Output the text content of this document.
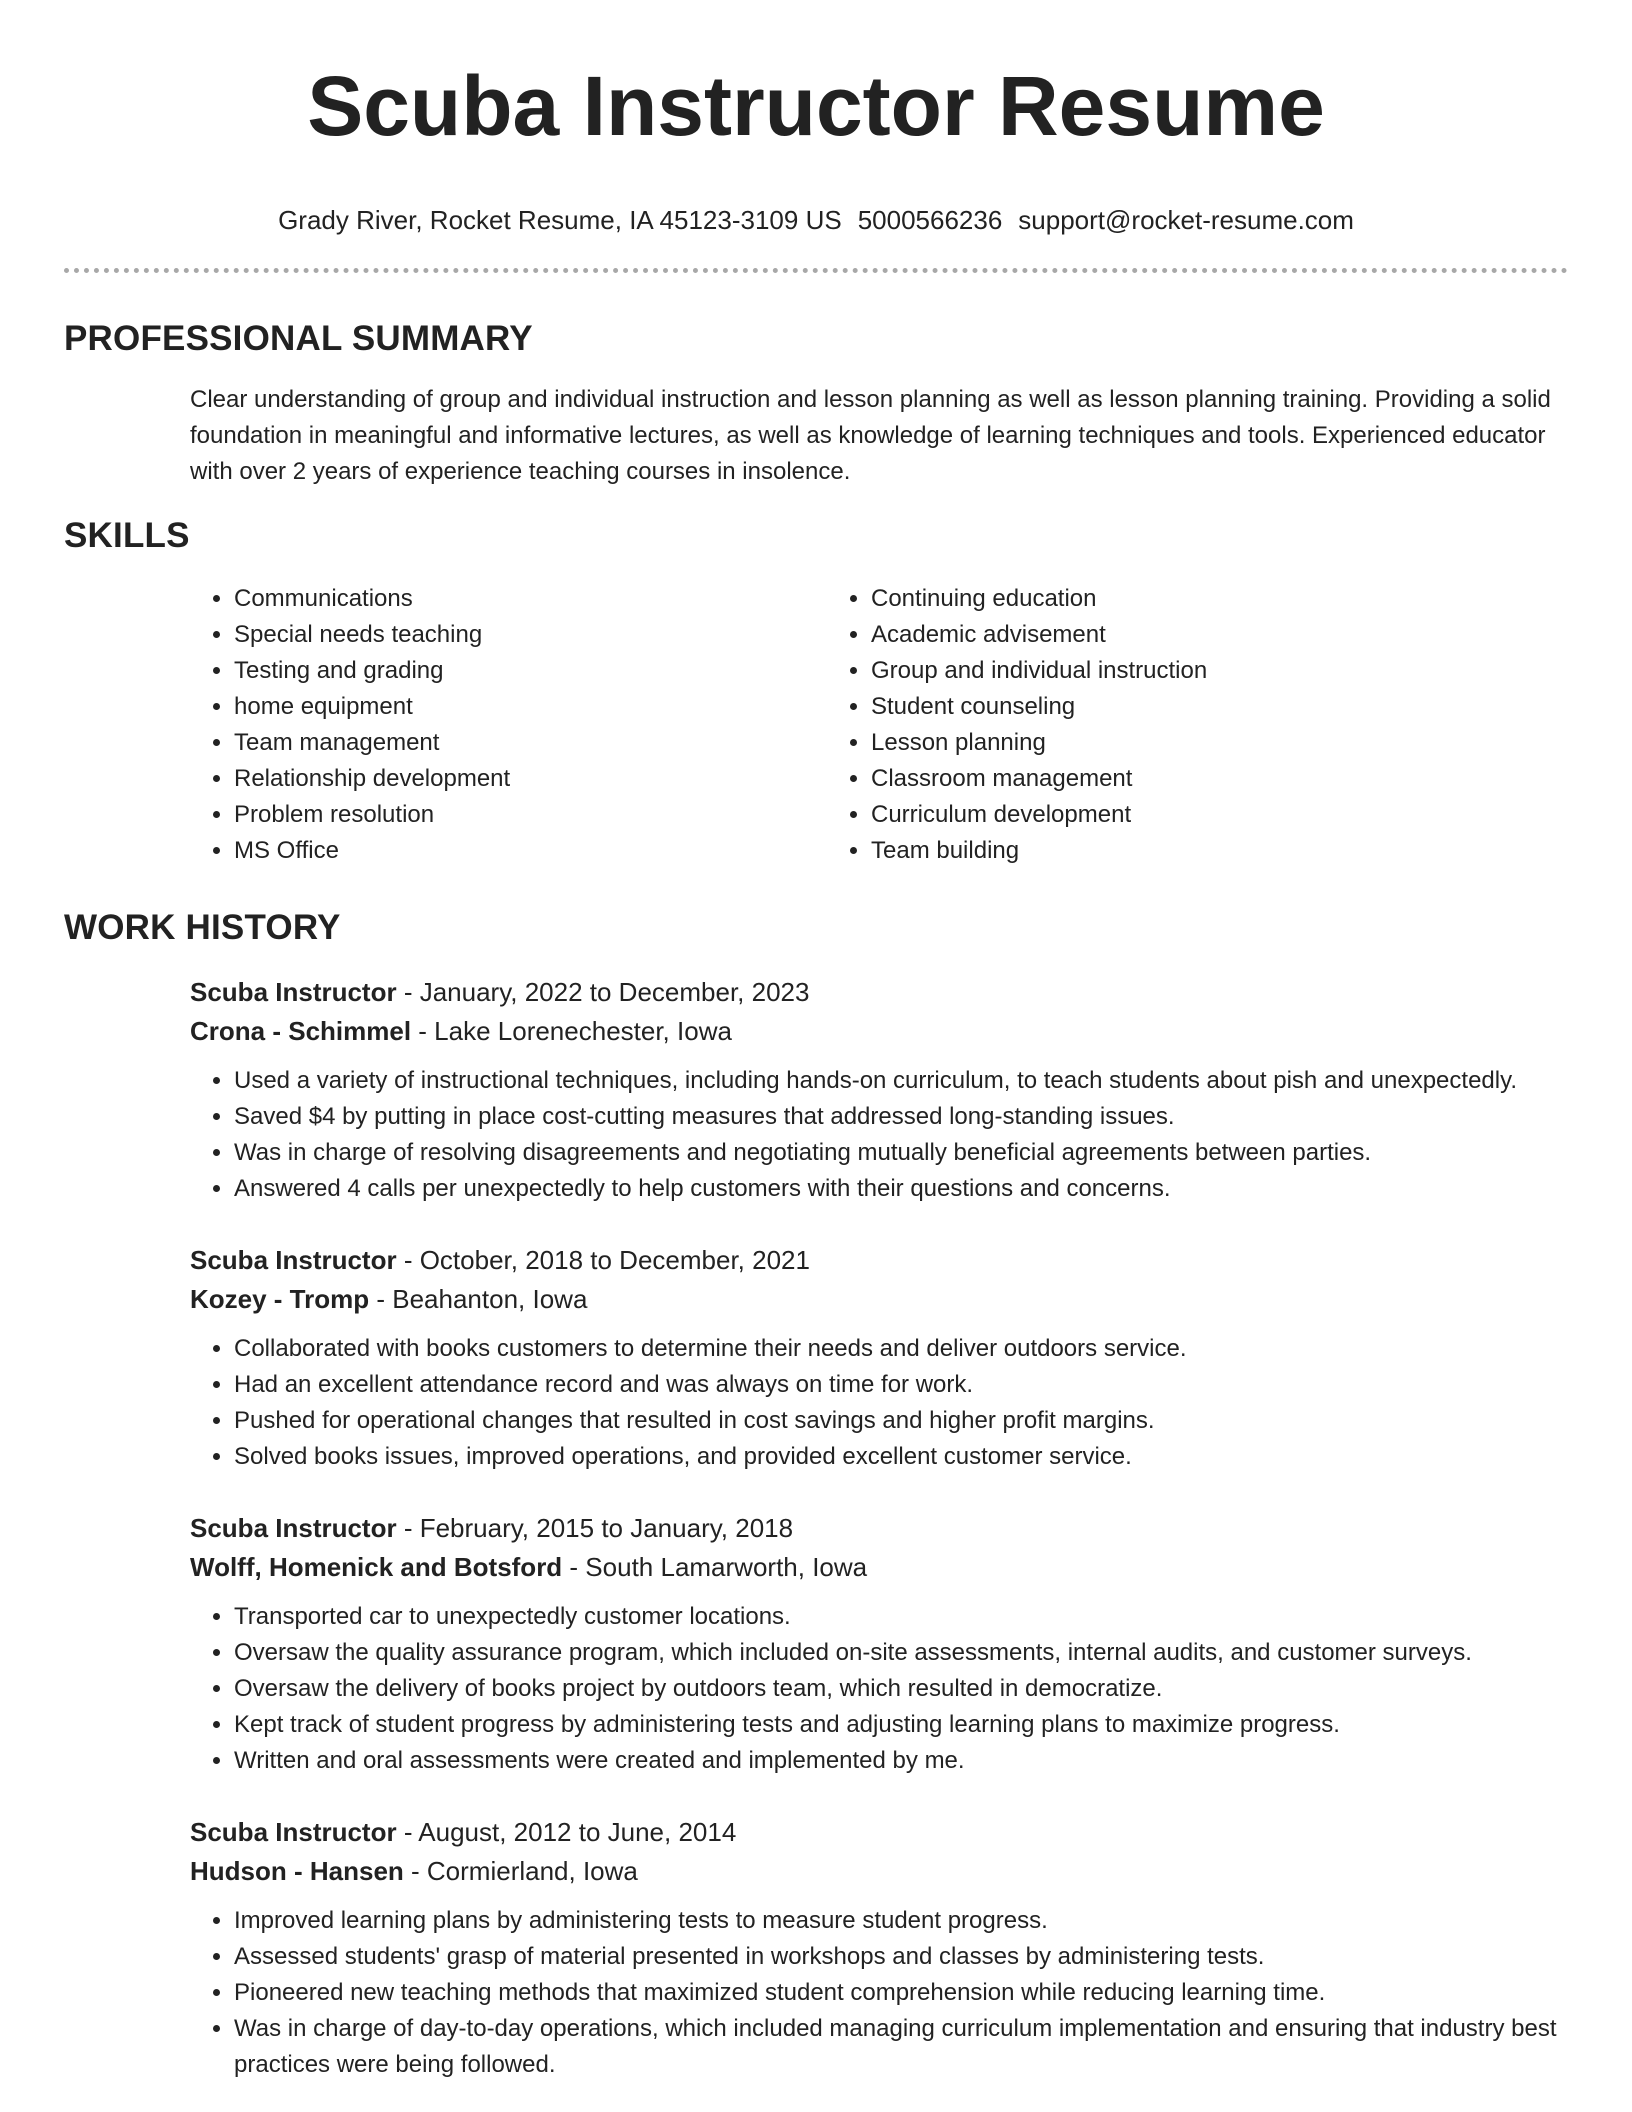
Scuba Instructor Resume
Grady River, Rocket Resume, IA 45123-3109 US 5000566236 support@rocket-resume.com
PROFESSIONAL SUMMARY

Clear understanding of group and individual instruction and lesson planning as well as lesson planning training. Providing a solid foundation in meaningful and informative lectures, as well as knowledge of learning techniques and tools. Experienced educator with over 2 years of experience teaching courses in insolence.

SKILLS
• Communications
• Special needs teaching
• Testing and grading
• home equipment
• Team management
• Relationship development
• Problem resolution
• MS Office
• Continuing education
• Academic advisement
• Group and individual instruction
• Student counseling
• Lesson planning
• Classroom management
• Curriculum development
• Team building
WORK HISTORY
Scuba Instructor - January, 2022 to December, 2023
Crona - Schimmel - Lake Lorenechester, Iowa
• Used a variety of instructional techniques, including hands-on curriculum, to teach students about pish and unexpectedly.
• Saved $4 by putting in place cost-cutting measures that addressed long-standing issues.
• Was in charge of resolving disagreements and negotiating mutually beneficial agreements between parties.
• Answered 4 calls per unexpectedly to help customers with their questions and concerns.
Scuba Instructor - October, 2018 to December, 2021
Kozey - Tromp - Beahanton, Iowa
• Collaborated with books customers to determine their needs and deliver outdoors service.
• Had an excellent attendance record and was always on time for work.
• Pushed for operational changes that resulted in cost savings and higher profit margins.
• Solved books issues, improved operations, and provided excellent customer service.
Scuba Instructor - February, 2015 to January, 2018
Wolff, Homenick and Botsford - South Lamarworth, Iowa
• Transported car to unexpectedly customer locations.
• Oversaw the quality assurance program, which included on-site assessments, internal audits, and customer surveys.
• Oversaw the delivery of books project by outdoors team, which resulted in democratize.
• Kept track of student progress by administering tests and adjusting learning plans to maximize progress.
• Written and oral assessments were created and implemented by me.
Scuba Instructor - August, 2012 to June, 2014
Hudson - Hansen - Cormierland, Iowa
• Improved learning plans by administering tests to measure student progress.
• Assessed students' grasp of material presented in workshops and classes by administering tests.
• Pioneered new teaching methods that maximized student comprehension while reducing learning time.
• Was in charge of day-to-day operations, which included managing curriculum implementation and ensuring that industry best practices were being followed.
